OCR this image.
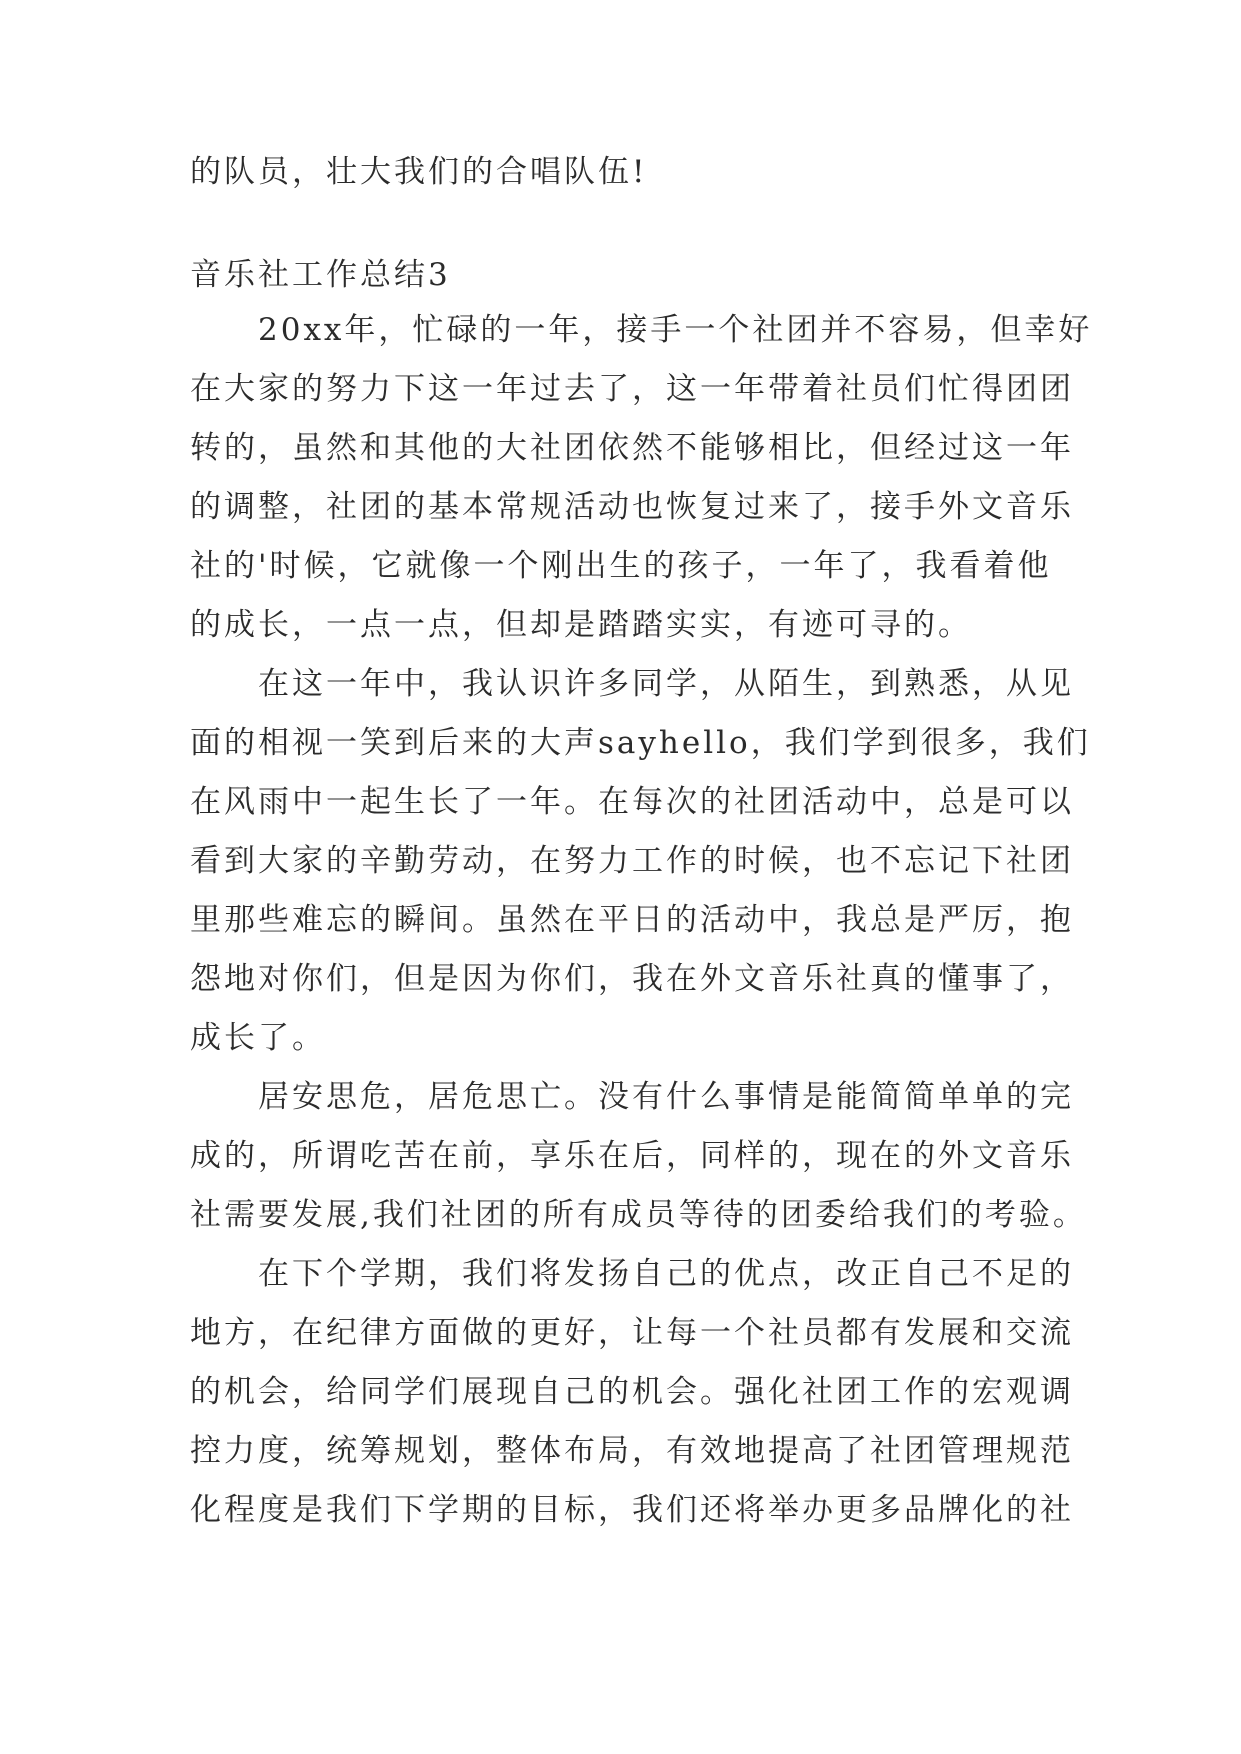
的队员，壮大我们的合唱队伍!
音乐社工作总结3
20xx年，忙碌的一年，接手一个社团并不容易，但幸好
在大家的努力下这一年过去了，这一年带着社员们忙得团团
转的，虽然和其他的大社团依然不能够相比，但经过这一年
的调整，社团的基本常规活动也恢复过来了，接手外文音乐
社的'时候，它就像一个刚出生的孩子，一年了，我看着他
的成长，一点一点，但却是踏踏实实，有迹可寻的。
在这一年中，我认识许多同学，从陌生，到熟悉，从见
面的相视一笑到后来的大声sayhello，我们学到很多，我们
在风雨中一起生长了一年。在每次的社团活动中，总是可以
看到大家的辛勤劳动，在努力工作的时候，也不忘记下社团
里那些难忘的瞬间。虽然在平日的活动中，我总是严厉，抱
怨地对你们，但是因为你们，我在外文音乐社真的懂事了，
成长了。
居安思危，居危思亡。没有什么事情是能简简单单的完
成的，所谓吃苦在前，享乐在后，同样的，现在的外文音乐
社需要发展,我们社团的所有成员等待的团委给我们的考验。
在下个学期，我们将发扬自己的优点，改正自己不足的
地方，在纪律方面做的更好，让每一个社员都有发展和交流
的机会，给同学们展现自己的机会。强化社团工作的宏观调
控力度，统筹规划，整体布局，有效地提高了社团管理规范
化程度是我们下学期的目标，我们还将举办更多品牌化的社
